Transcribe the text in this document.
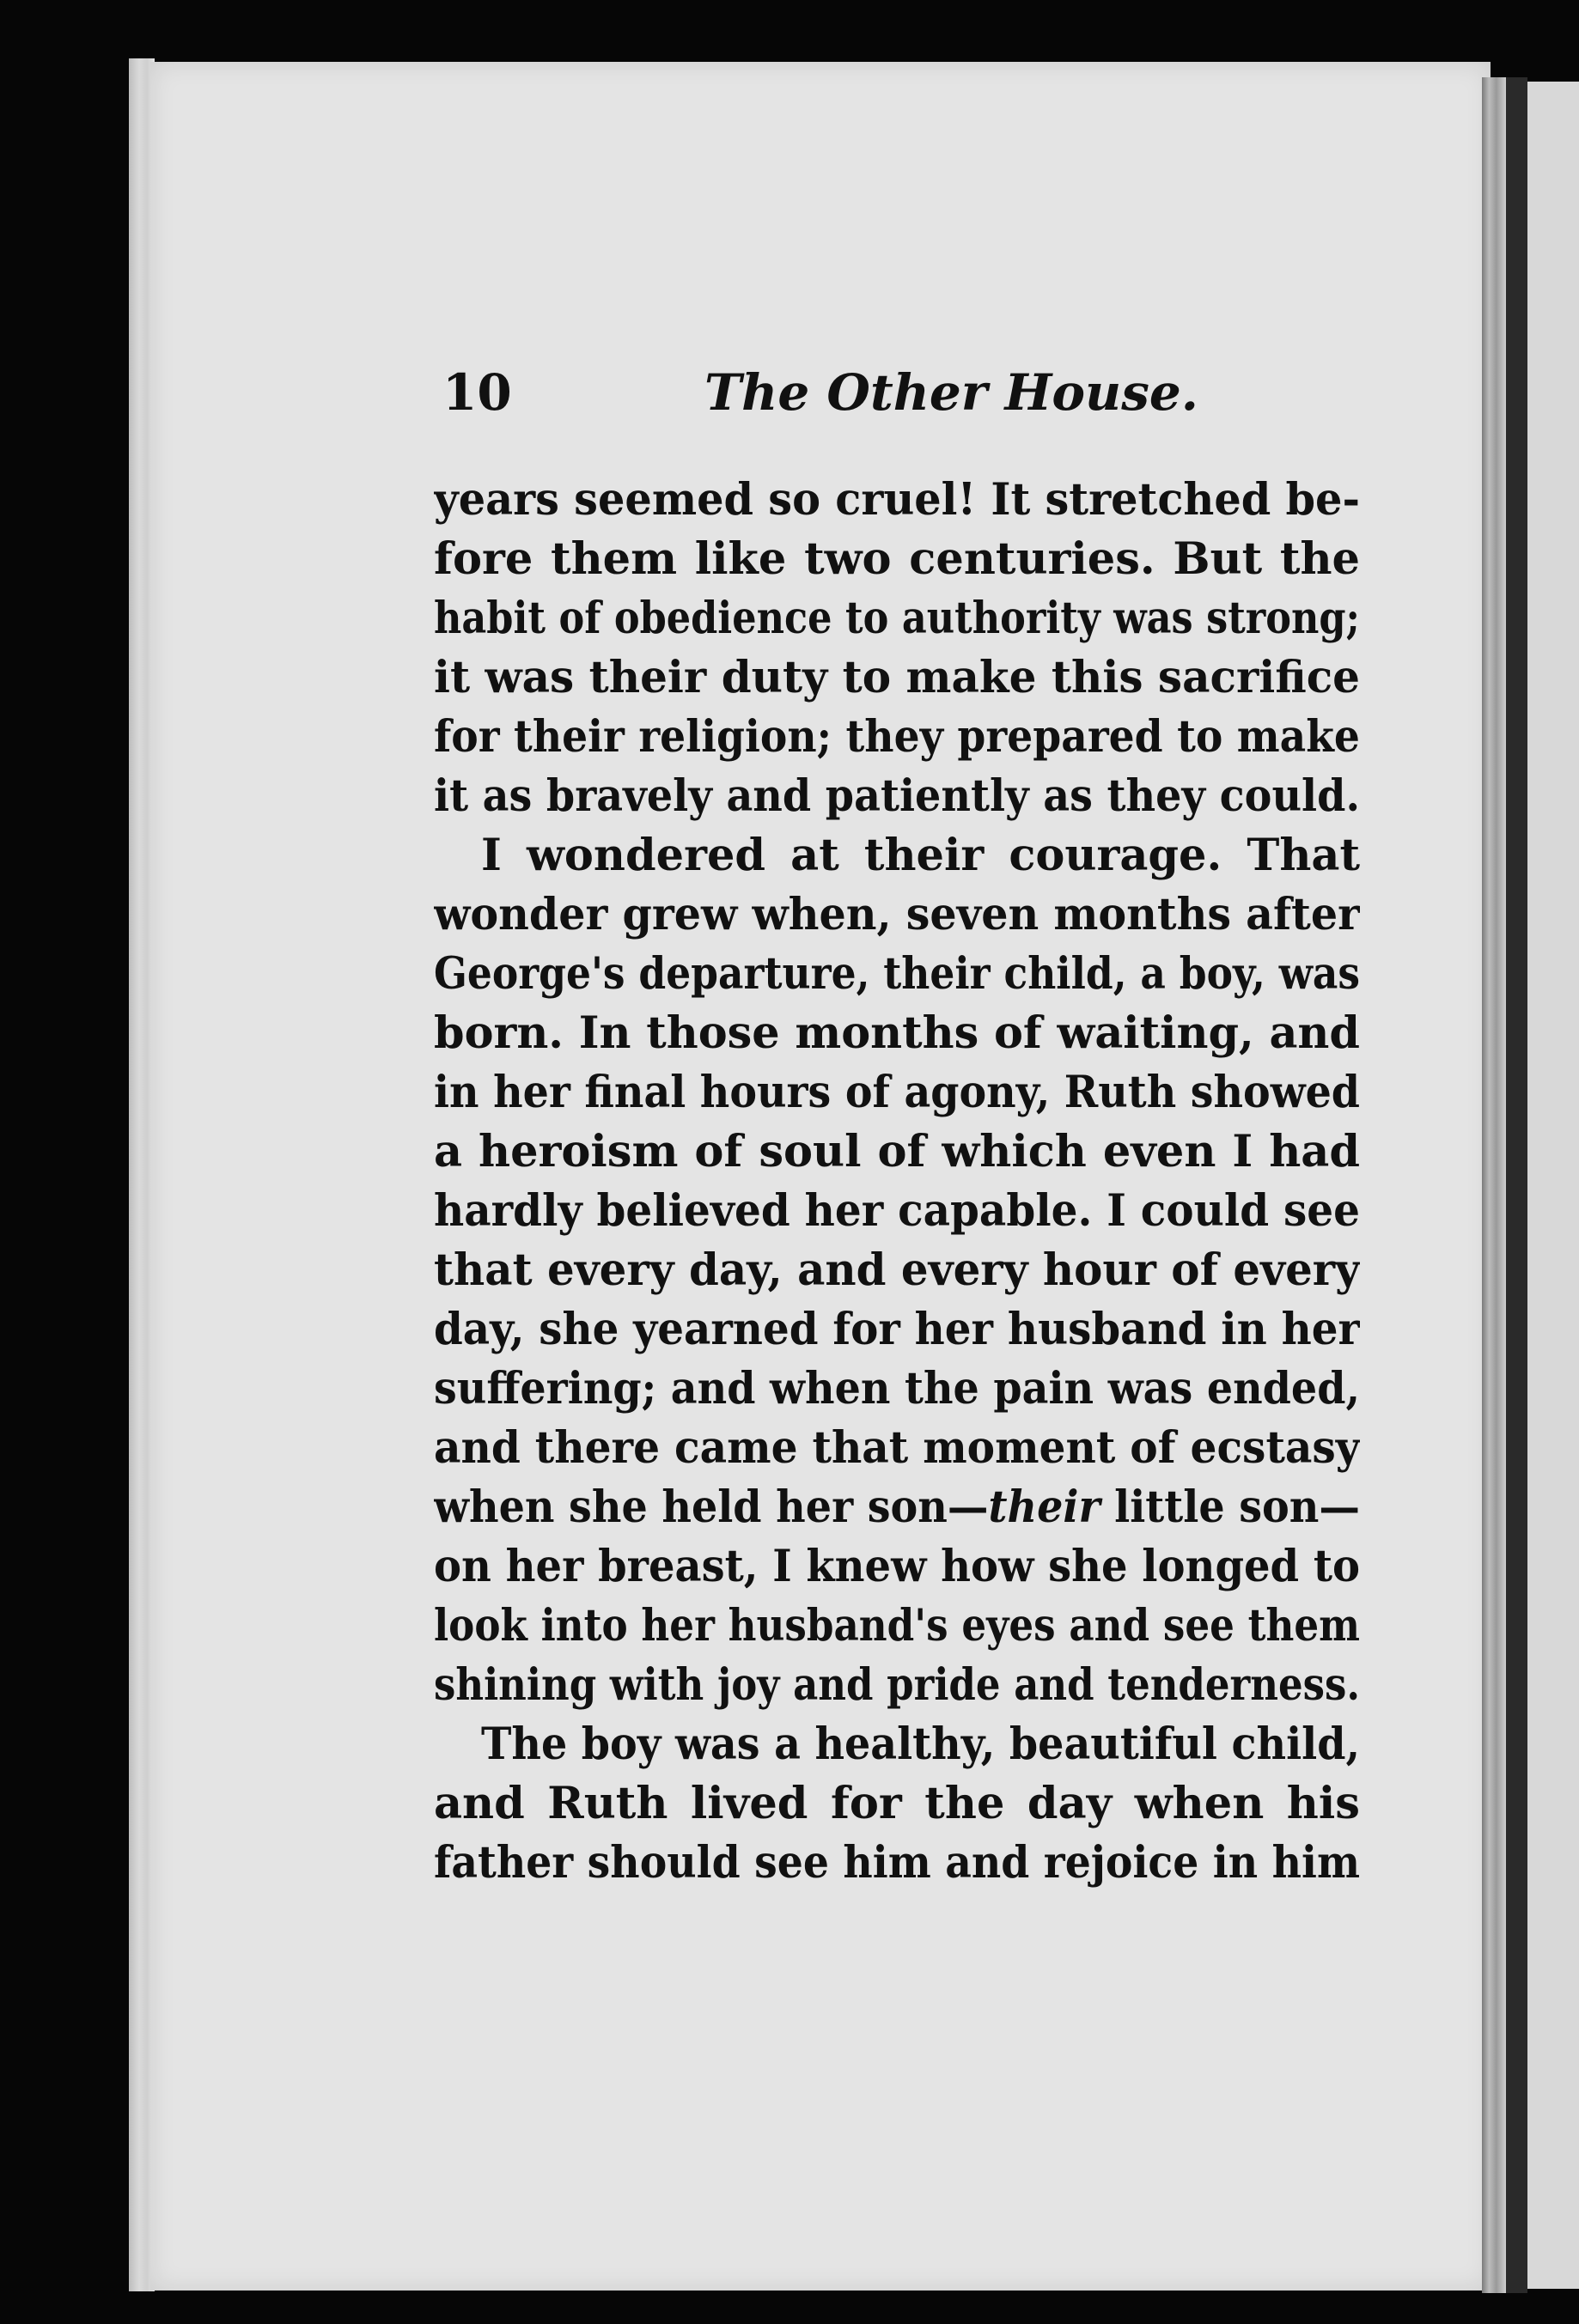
10	The Other House.
years seemed so cruel! It stretched be-
fore them like two centuries. But the
habit of obedience to authority was strong;
it was their duty to make this sacrifice
for their religion; they prepared to make
it as bravely and patiently as they could.
I wondered at their courage. That
wonder grew when, seven months after
George's departure, their child, a boy, was
born. In those months of waiting, and
in her final hours of agony, Ruth showed
a heroism of soul of which even I had
hardly believed her capable. I could see
that every day, and every hour of every
day, she yearned for her husband in her
suffering; and when the pain was ended,
and there came that moment of ecstasy
when she held her son—their little son—
on her breast, I knew how she longed to
look into her husband's eyes and see them
shining with joy and pride and tenderness.
The boy was a healthy, beautiful child,
and Ruth lived for the day when his
father should see him and rejoice in him
